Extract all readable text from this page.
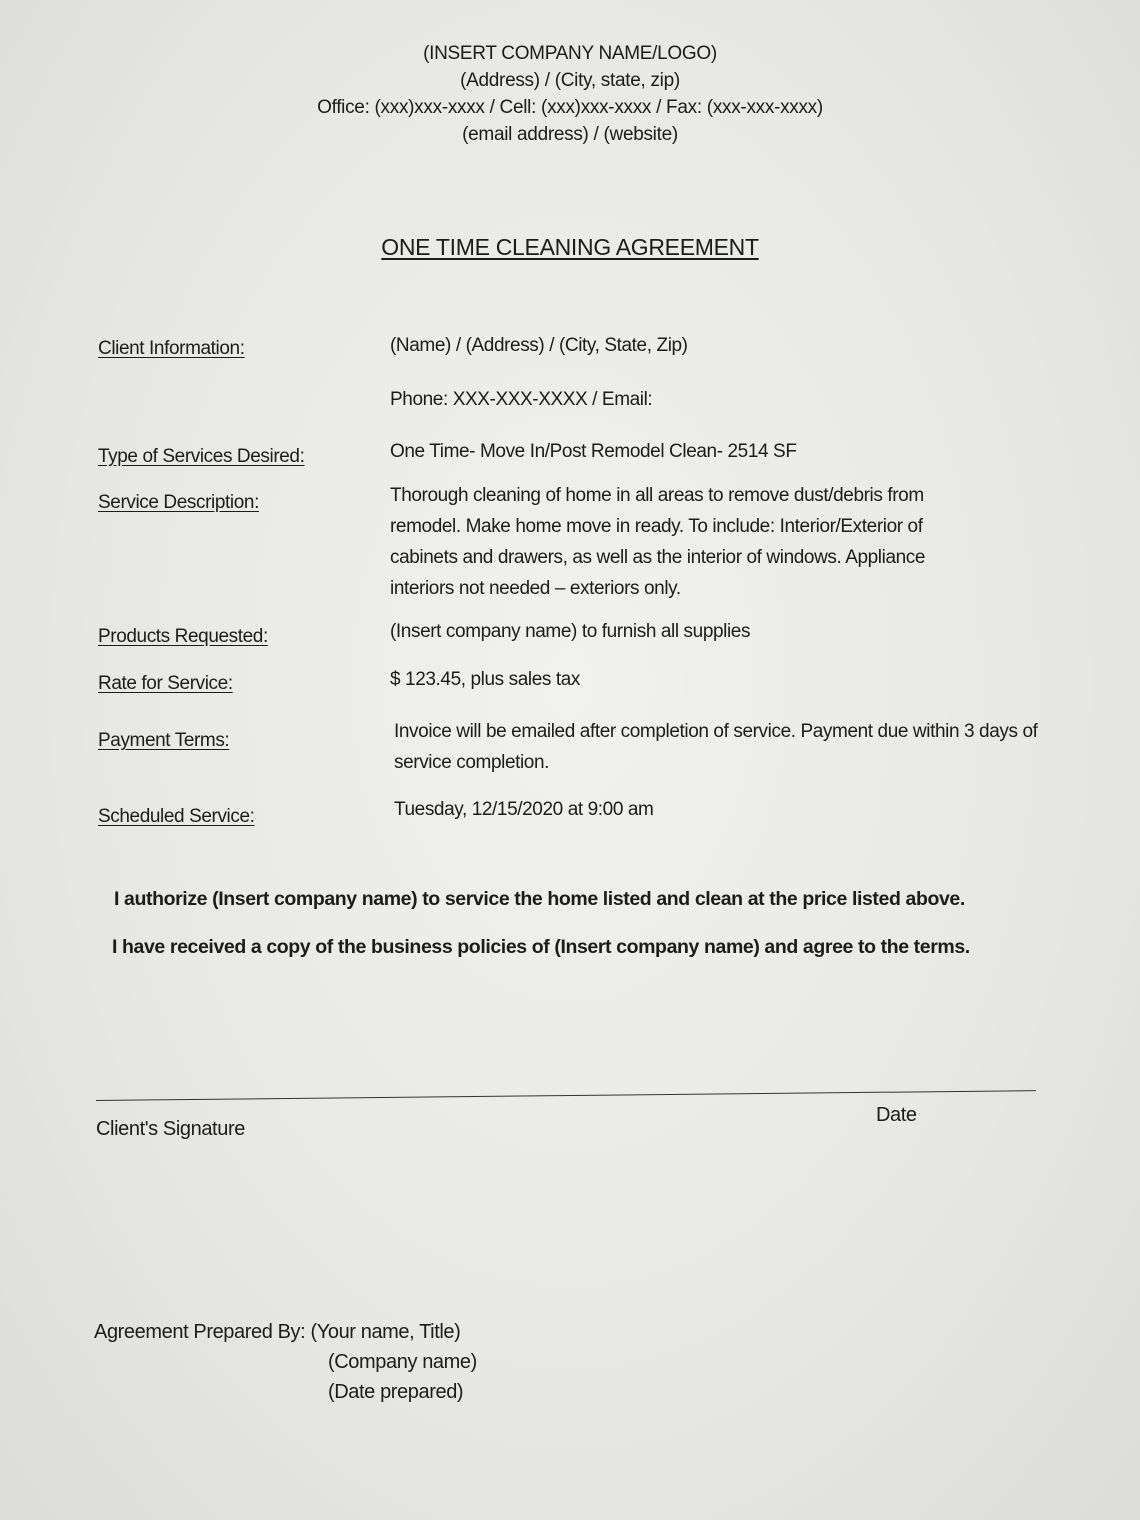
(INSERT COMPANY NAME/LOGO)
(Address) / (City, state, zip)
Office: (xxx)xxx-xxxx / Cell: (xxx)xxx-xxxx / Fax: (xxx-xxx-xxxx)
(email address) / (website)
ONE TIME CLEANING AGREEMENT
Client Information:	(Name) / (Address) / (City, State, Zip)
Phone: XXX-XXX-XXXX / Email:
Type of Services Desired:	One Time- Move In/Post Remodel Clean- 2514 SF
Service Description:	Thorough cleaning of home in all areas to remove dust/debris from remodel. Make home move in ready. To include: Interior/Exterior of cabinets and drawers, as well as the interior of windows. Appliance interiors not needed – exteriors only.
Products Requested:	(Insert company name) to furnish all supplies
Rate for Service:	$ 123.45, plus sales tax
Payment Terms:	Invoice will be emailed after completion of service. Payment due within 3 days of service completion.
Scheduled Service:	Tuesday, 12/15/2020 at 9:00 am
I authorize (Insert company name) to service the home listed and clean at the price listed above.
I have received a copy of the business policies of (Insert company name) and agree to the terms.
Client's Signature
Date
Agreement Prepared By: (Your name, Title)
(Company name)
(Date prepared)
